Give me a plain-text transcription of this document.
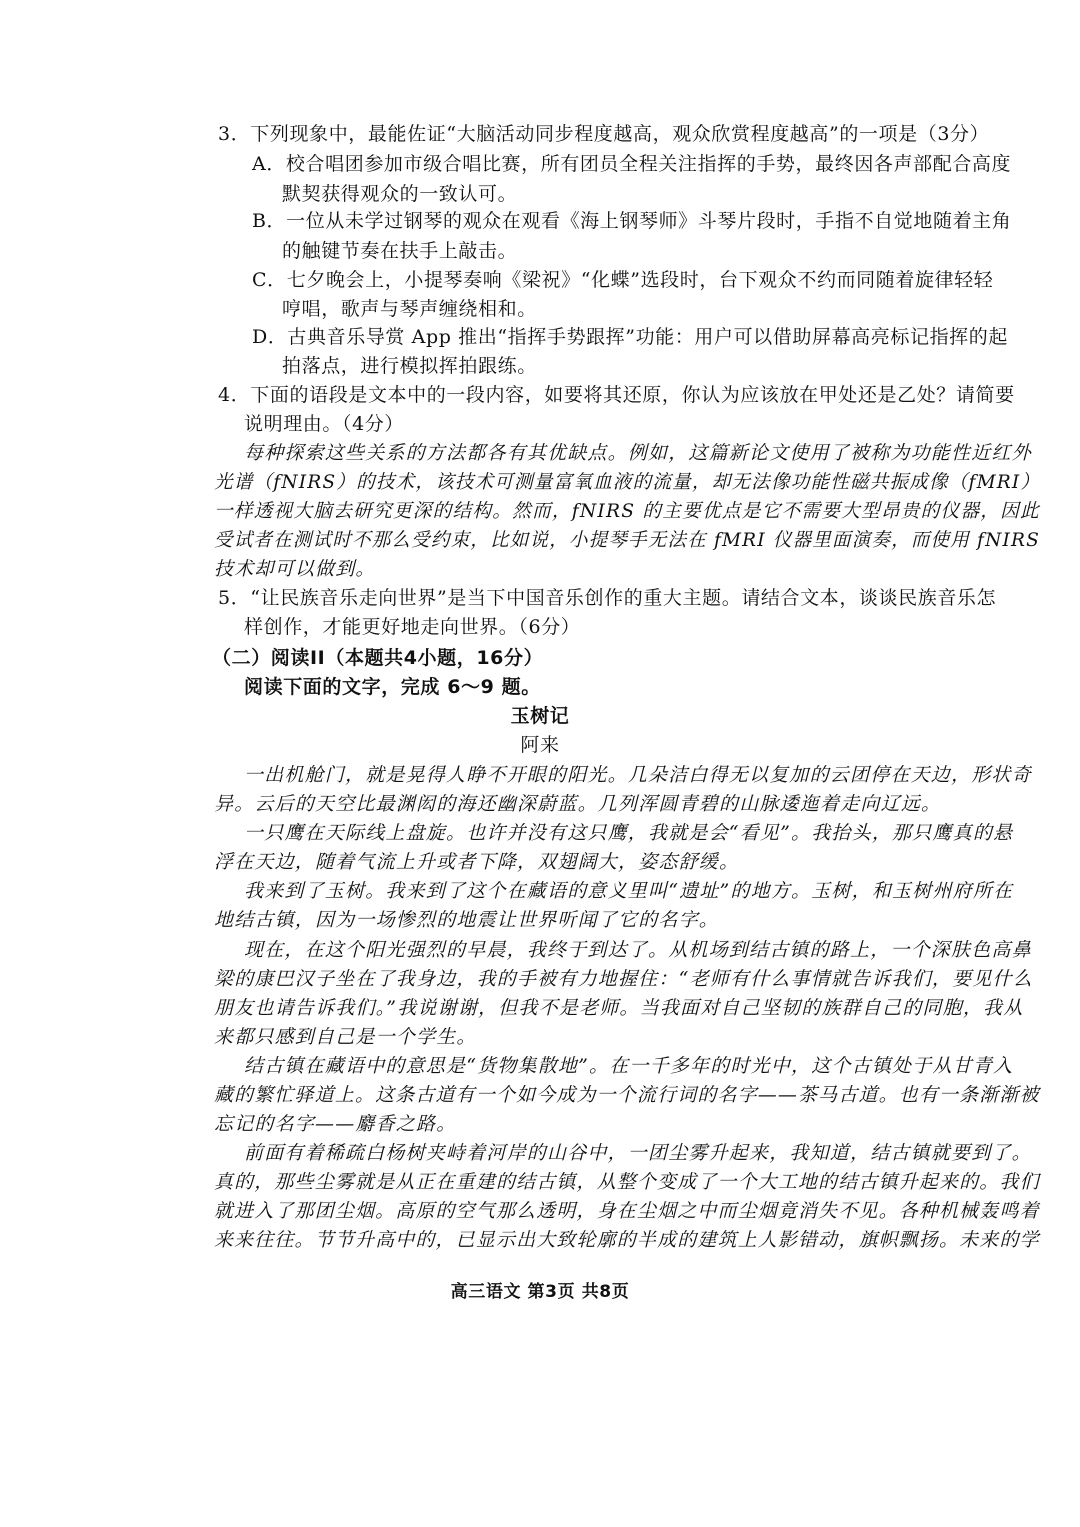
3．下列现象中，最能佐证“大脑活动同步程度越高，观众欣赏程度越高”的一项是（3分）
A．校合唱团参加市级合唱比赛，所有团员全程关注指挥的手势，最终因各声部配合高度
默契获得观众的一致认可。
B．一位从未学过钢琴的观众在观看《海上钢琴师》斗琴片段时，手指不自觉地随着主角
的触键节奏在扶手上敲击。
C．七夕晚会上，小提琴奏响《梁祝》“化蝶”选段时，台下观众不约而同随着旋律轻轻
哼唱，歌声与琴声缠绕相和。
D．古典音乐导赏 App 推出“指挥手势跟挥”功能：用户可以借助屏幕高亮标记指挥的起
拍落点，进行模拟挥拍跟练。
4．下面的语段是文本中的一段内容，如要将其还原，你认为应该放在甲处还是乙处？请简要
说明理由。（4分）
每种探索这些关系的方法都各有其优缺点。例如，这篇新论文使用了被称为功能性近红外
光谱（fNIRS）的技术，该技术可测量富氧血液的流量，却无法像功能性磁共振成像（fMRI）
一样透视大脑去研究更深的结构。然而，fNIRS 的主要优点是它不需要大型昂贵的仪器，因此
受试者在测试时不那么受约束，比如说，小提琴手无法在 fMRI 仪器里面演奏，而使用 fNIRS
技术却可以做到。
5．“让民族音乐走向世界”是当下中国音乐创作的重大主题。请结合文本，谈谈民族音乐怎
样创作，才能更好地走向世界。（6分）
（二）阅读II（本题共4小题，16分）
阅读下面的文字，完成 6～9 题。
玉树记
阿来
一出机舱门，就是晃得人睁不开眼的阳光。几朵洁白得无以复加的云团停在天边，形状奇
异。云后的天空比最渊闳的海还幽深蔚蓝。几列浑圆青碧的山脉逶迤着走向辽远。
一只鹰在天际线上盘旋。也许并没有这只鹰，我就是会“看见”。我抬头，那只鹰真的悬
浮在天边，随着气流上升或者下降，双翅阔大，姿态舒缓。
我来到了玉树。我来到了这个在藏语的意义里叫“遗址”的地方。玉树，和玉树州府所在
地结古镇，因为一场惨烈的地震让世界听闻了它的名字。
现在，在这个阳光强烈的早晨，我终于到达了。从机场到结古镇的路上，一个深肤色高鼻
梁的康巴汉子坐在了我身边，我的手被有力地握住：“老师有什么事情就告诉我们，要见什么
朋友也请告诉我们。”我说谢谢，但我不是老师。当我面对自己坚韧的族群自己的同胞，我从
来都只感到自己是一个学生。
结古镇在藏语中的意思是“货物集散地”。在一千多年的时光中，这个古镇处于从甘青入
藏的繁忙驿道上。这条古道有一个如今成为一个流行词的名字——茶马古道。也有一条渐渐被
忘记的名字——麝香之路。
前面有着稀疏白杨树夹峙着河岸的山谷中，一团尘雾升起来，我知道，结古镇就要到了。
真的，那些尘雾就是从正在重建的结古镇，从整个变成了一个大工地的结古镇升起来的。我们
就进入了那团尘烟。高原的空气那么透明，身在尘烟之中而尘烟竟消失不见。各种机械轰鸣着
来来往往。节节升高中的，已显示出大致轮廓的半成的建筑上人影错动，旗帜飘扬。未来的学
高三语文 第3页 共8页
